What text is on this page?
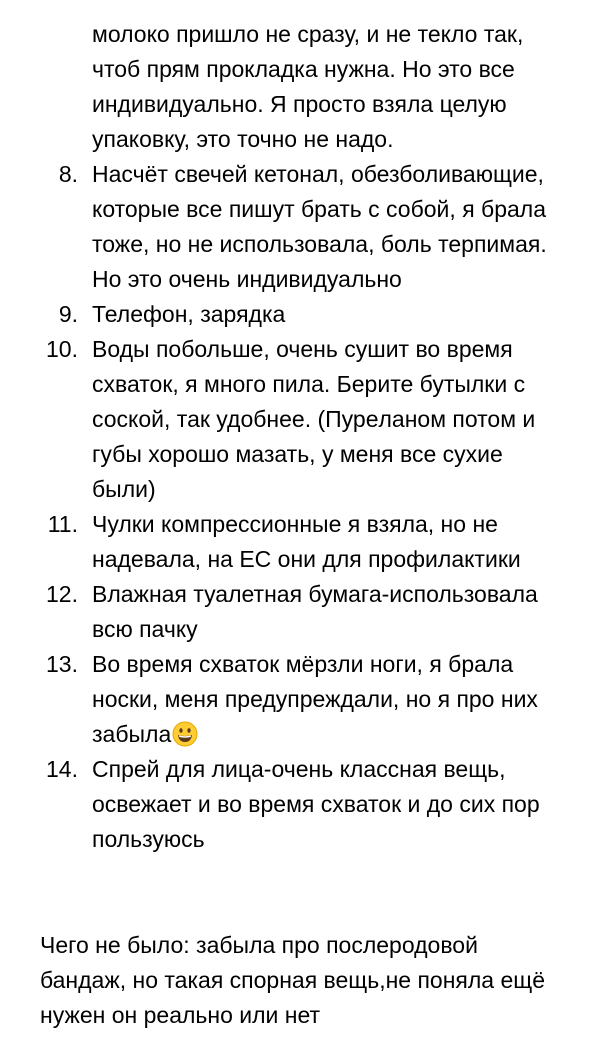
молоко пришло не сразу, и не текло так, чтоб прям прокладка нужна. Но это все индивидуально. Я просто взяла целую упаковку, это точно не надо.
8. Насчёт свечей кетонал, обезболивающие, которые все пишут брать с собой, я брала тоже, но не использовала, боль терпимая. Но это очень индивидуально
9. Телефон, зарядка
10. Воды побольше, очень сушит во время схваток, я много пила. Берите бутылки с соской, так удобнее. (Пурeланом потом и губы хорошо мазать, у меня все сухие были)
11. Чулки компрессионные я взяла, но не надевала, на ЕС они для профилактики
12. Влажная туалетная бумага-использовала всю пачку
13. Во время схваток мёрзли ноги, я брала носки, меня предупреждали, но я про них забыла
14. Спрей для лица-очень классная вещь, освежает и во время схваток и до сих пор пользуюсь

Чего не было: забыла про послеродовой бандаж, но такая спорная вещь,не поняла ещё нужен он реально или нет
